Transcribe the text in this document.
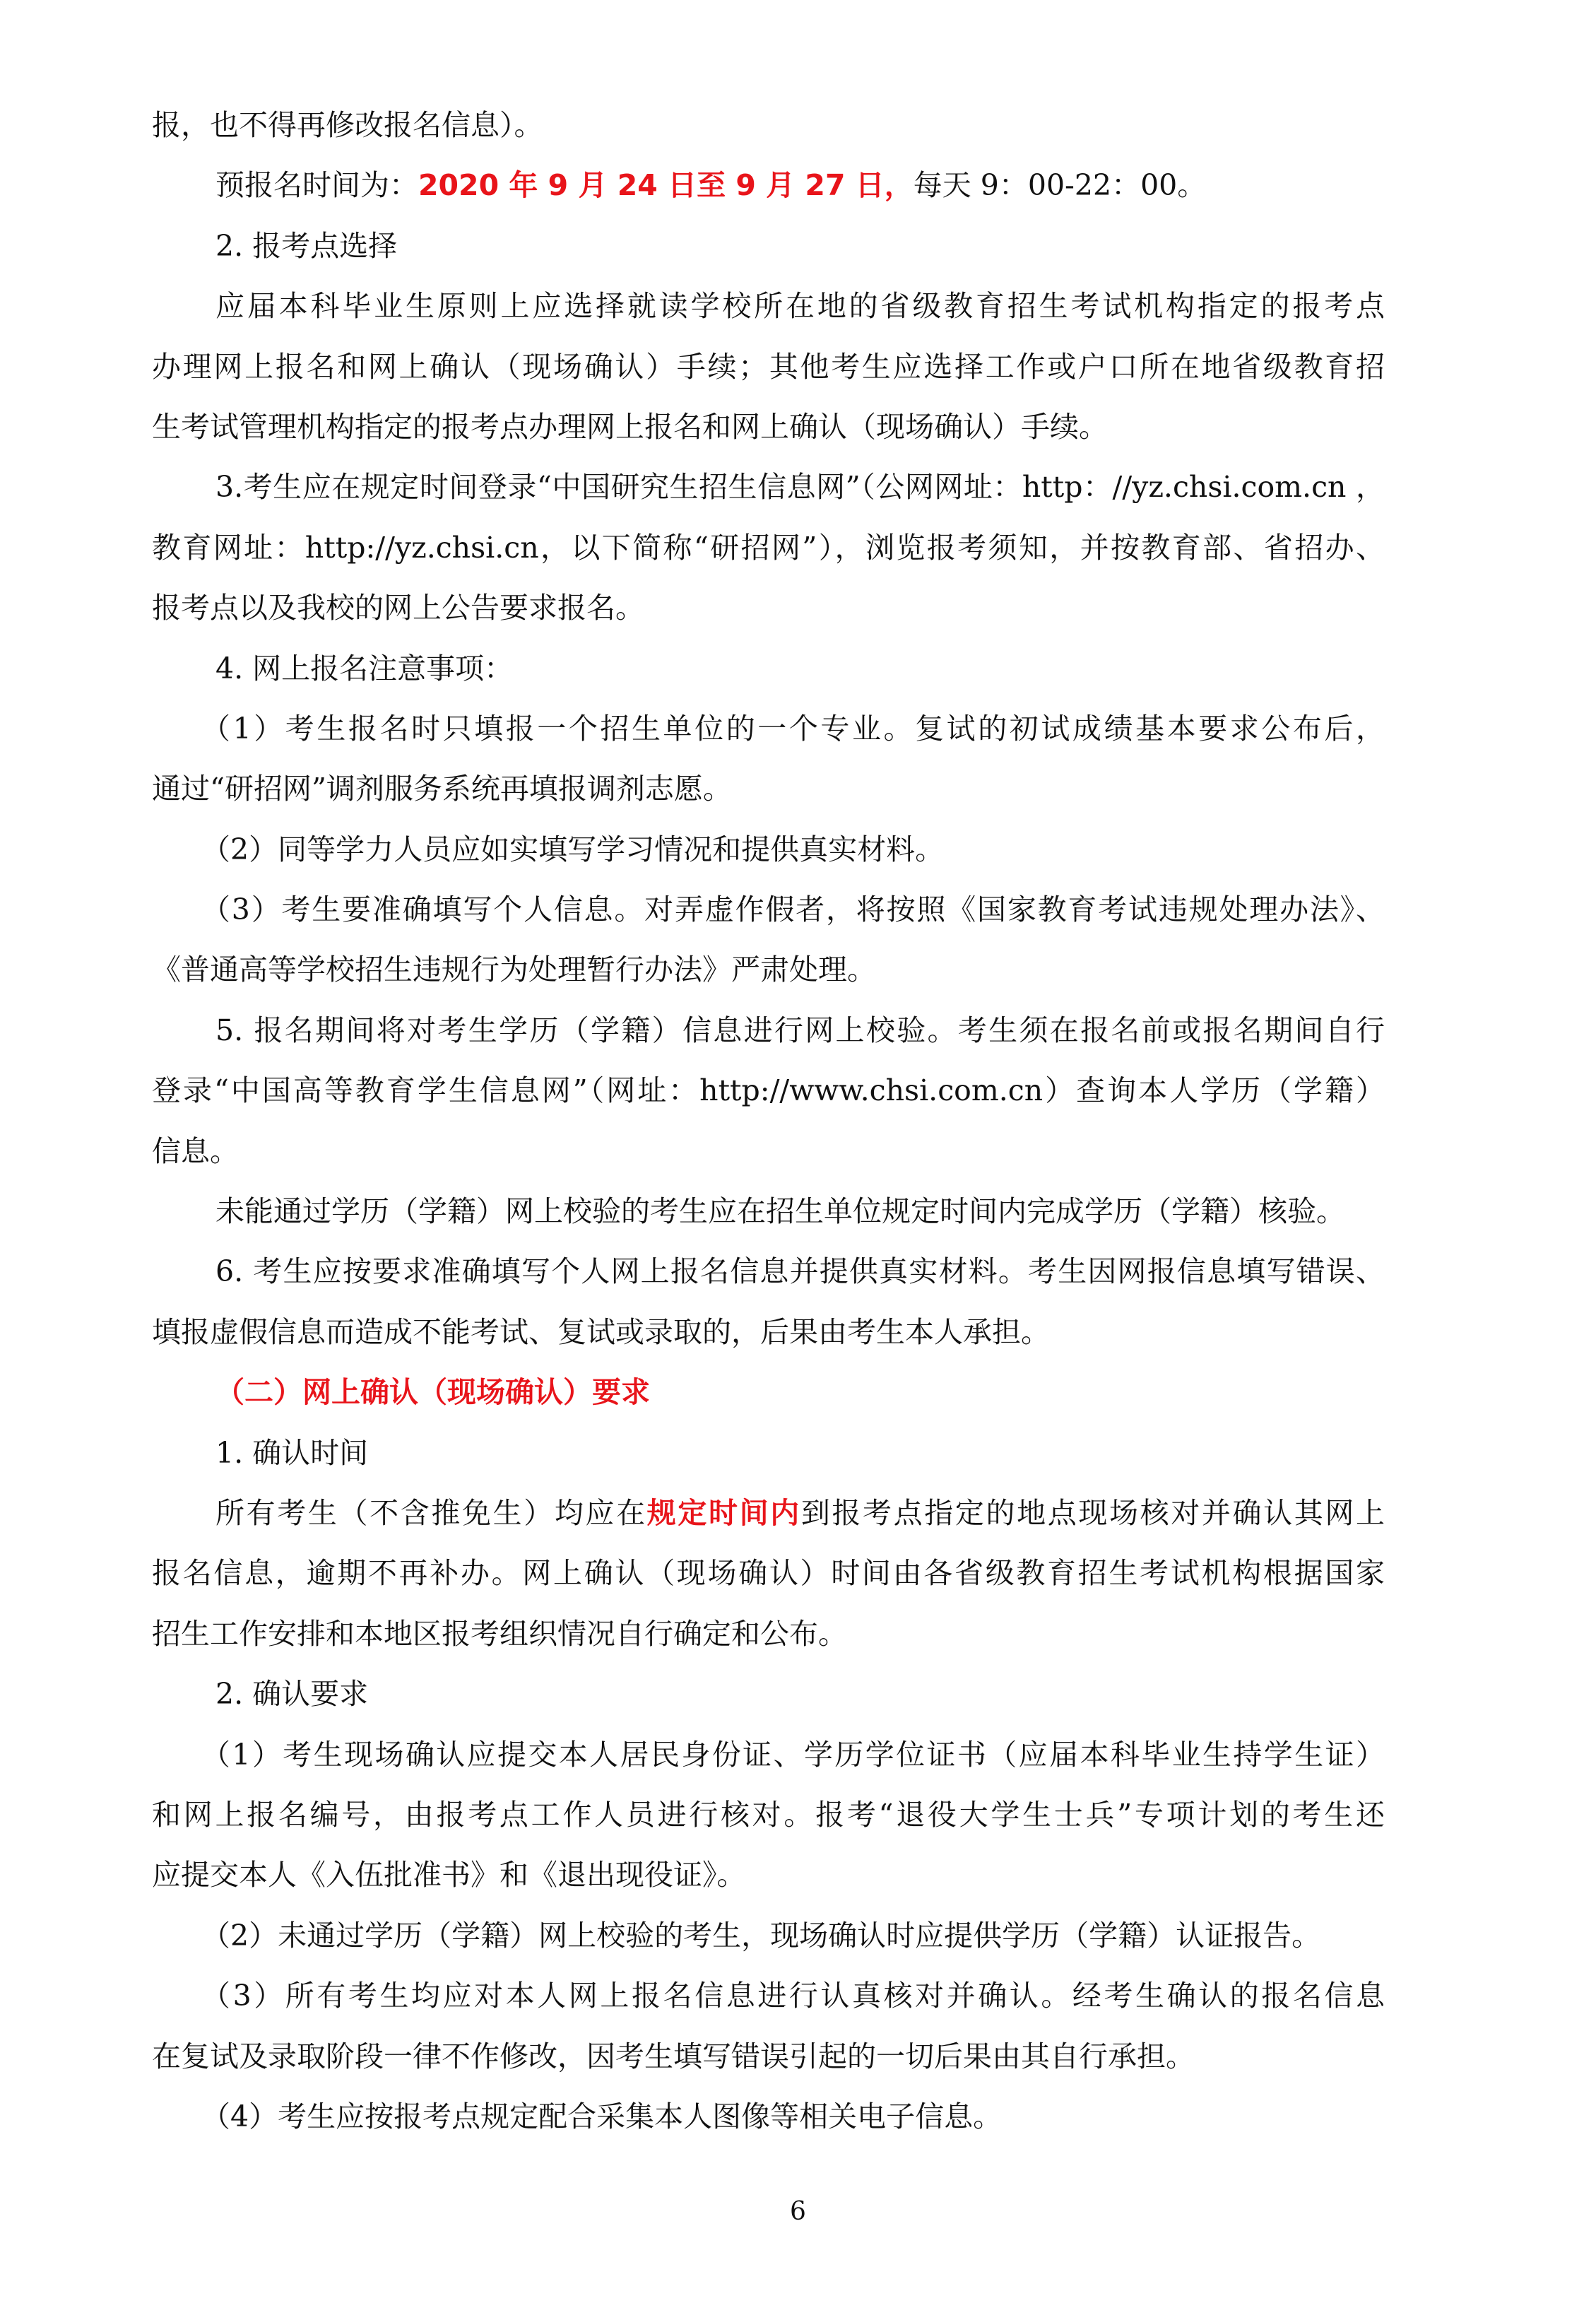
报，也不得再修改报名信息）。
预报名时间为：2020 年 9 月 24 日至 9 月 27 日，每天 9：00-22：00。
2. 报考点选择
应届本科毕业生原则上应选择就读学校所在地的省级教育招生考试机构指定的报考点
办理网上报名和网上确认（现场确认）手续；其他考生应选择工作或户口所在地省级教育招
生考试管理机构指定的报考点办理网上报名和网上确认（现场确认）手续。
3.考生应在规定时间登录“中国研究生招生信息网”（公网网址：http：//yz.chsi.com.cn ，
教育网址：http://yz.chsi.cn，以下简称“研招网”），浏览报考须知，并按教育部、省招办、
报考点以及我校的网上公告要求报名。
4. 网上报名注意事项：
（1）考生报名时只填报一个招生单位的一个专业。复试的初试成绩基本要求公布后，
通过“研招网”调剂服务系统再填报调剂志愿。
（2）同等学力人员应如实填写学习情况和提供真实材料。
（3）考生要准确填写个人信息。对弄虚作假者，将按照《国家教育考试违规处理办法》、
《普通高等学校招生违规行为处理暂行办法》严肃处理。
5. 报名期间将对考生学历（学籍）信息进行网上校验。考生须在报名前或报名期间自行
登录“中国高等教育学生信息网”（网址：http://www.chsi.com.cn）查询本人学历（学籍）
信息。
未能通过学历（学籍）网上校验的考生应在招生单位规定时间内完成学历（学籍）核验。
6. 考生应按要求准确填写个人网上报名信息并提供真实材料。考生因网报信息填写错误、
填报虚假信息而造成不能考试、复试或录取的，后果由考生本人承担。
（二）网上确认（现场确认）要求
1. 确认时间
所有考生（不含推免生）均应在规定时间内到报考点指定的地点现场核对并确认其网上
报名信息，逾期不再补办。网上确认（现场确认）时间由各省级教育招生考试机构根据国家
招生工作安排和本地区报考组织情况自行确定和公布。
2. 确认要求
（1）考生现场确认应提交本人居民身份证、学历学位证书（应届本科毕业生持学生证）
和网上报名编号，由报考点工作人员进行核对。报考“退役大学生士兵”专项计划的考生还
应提交本人《入伍批准书》和《退出现役证》。
（2）未通过学历（学籍）网上校验的考生，现场确认时应提供学历（学籍）认证报告。
（3）所有考生均应对本人网上报名信息进行认真核对并确认。经考生确认的报名信息
在复试及录取阶段一律不作修改，因考生填写错误引起的一切后果由其自行承担。
（4）考生应按报考点规定配合采集本人图像等相关电子信息。
6
